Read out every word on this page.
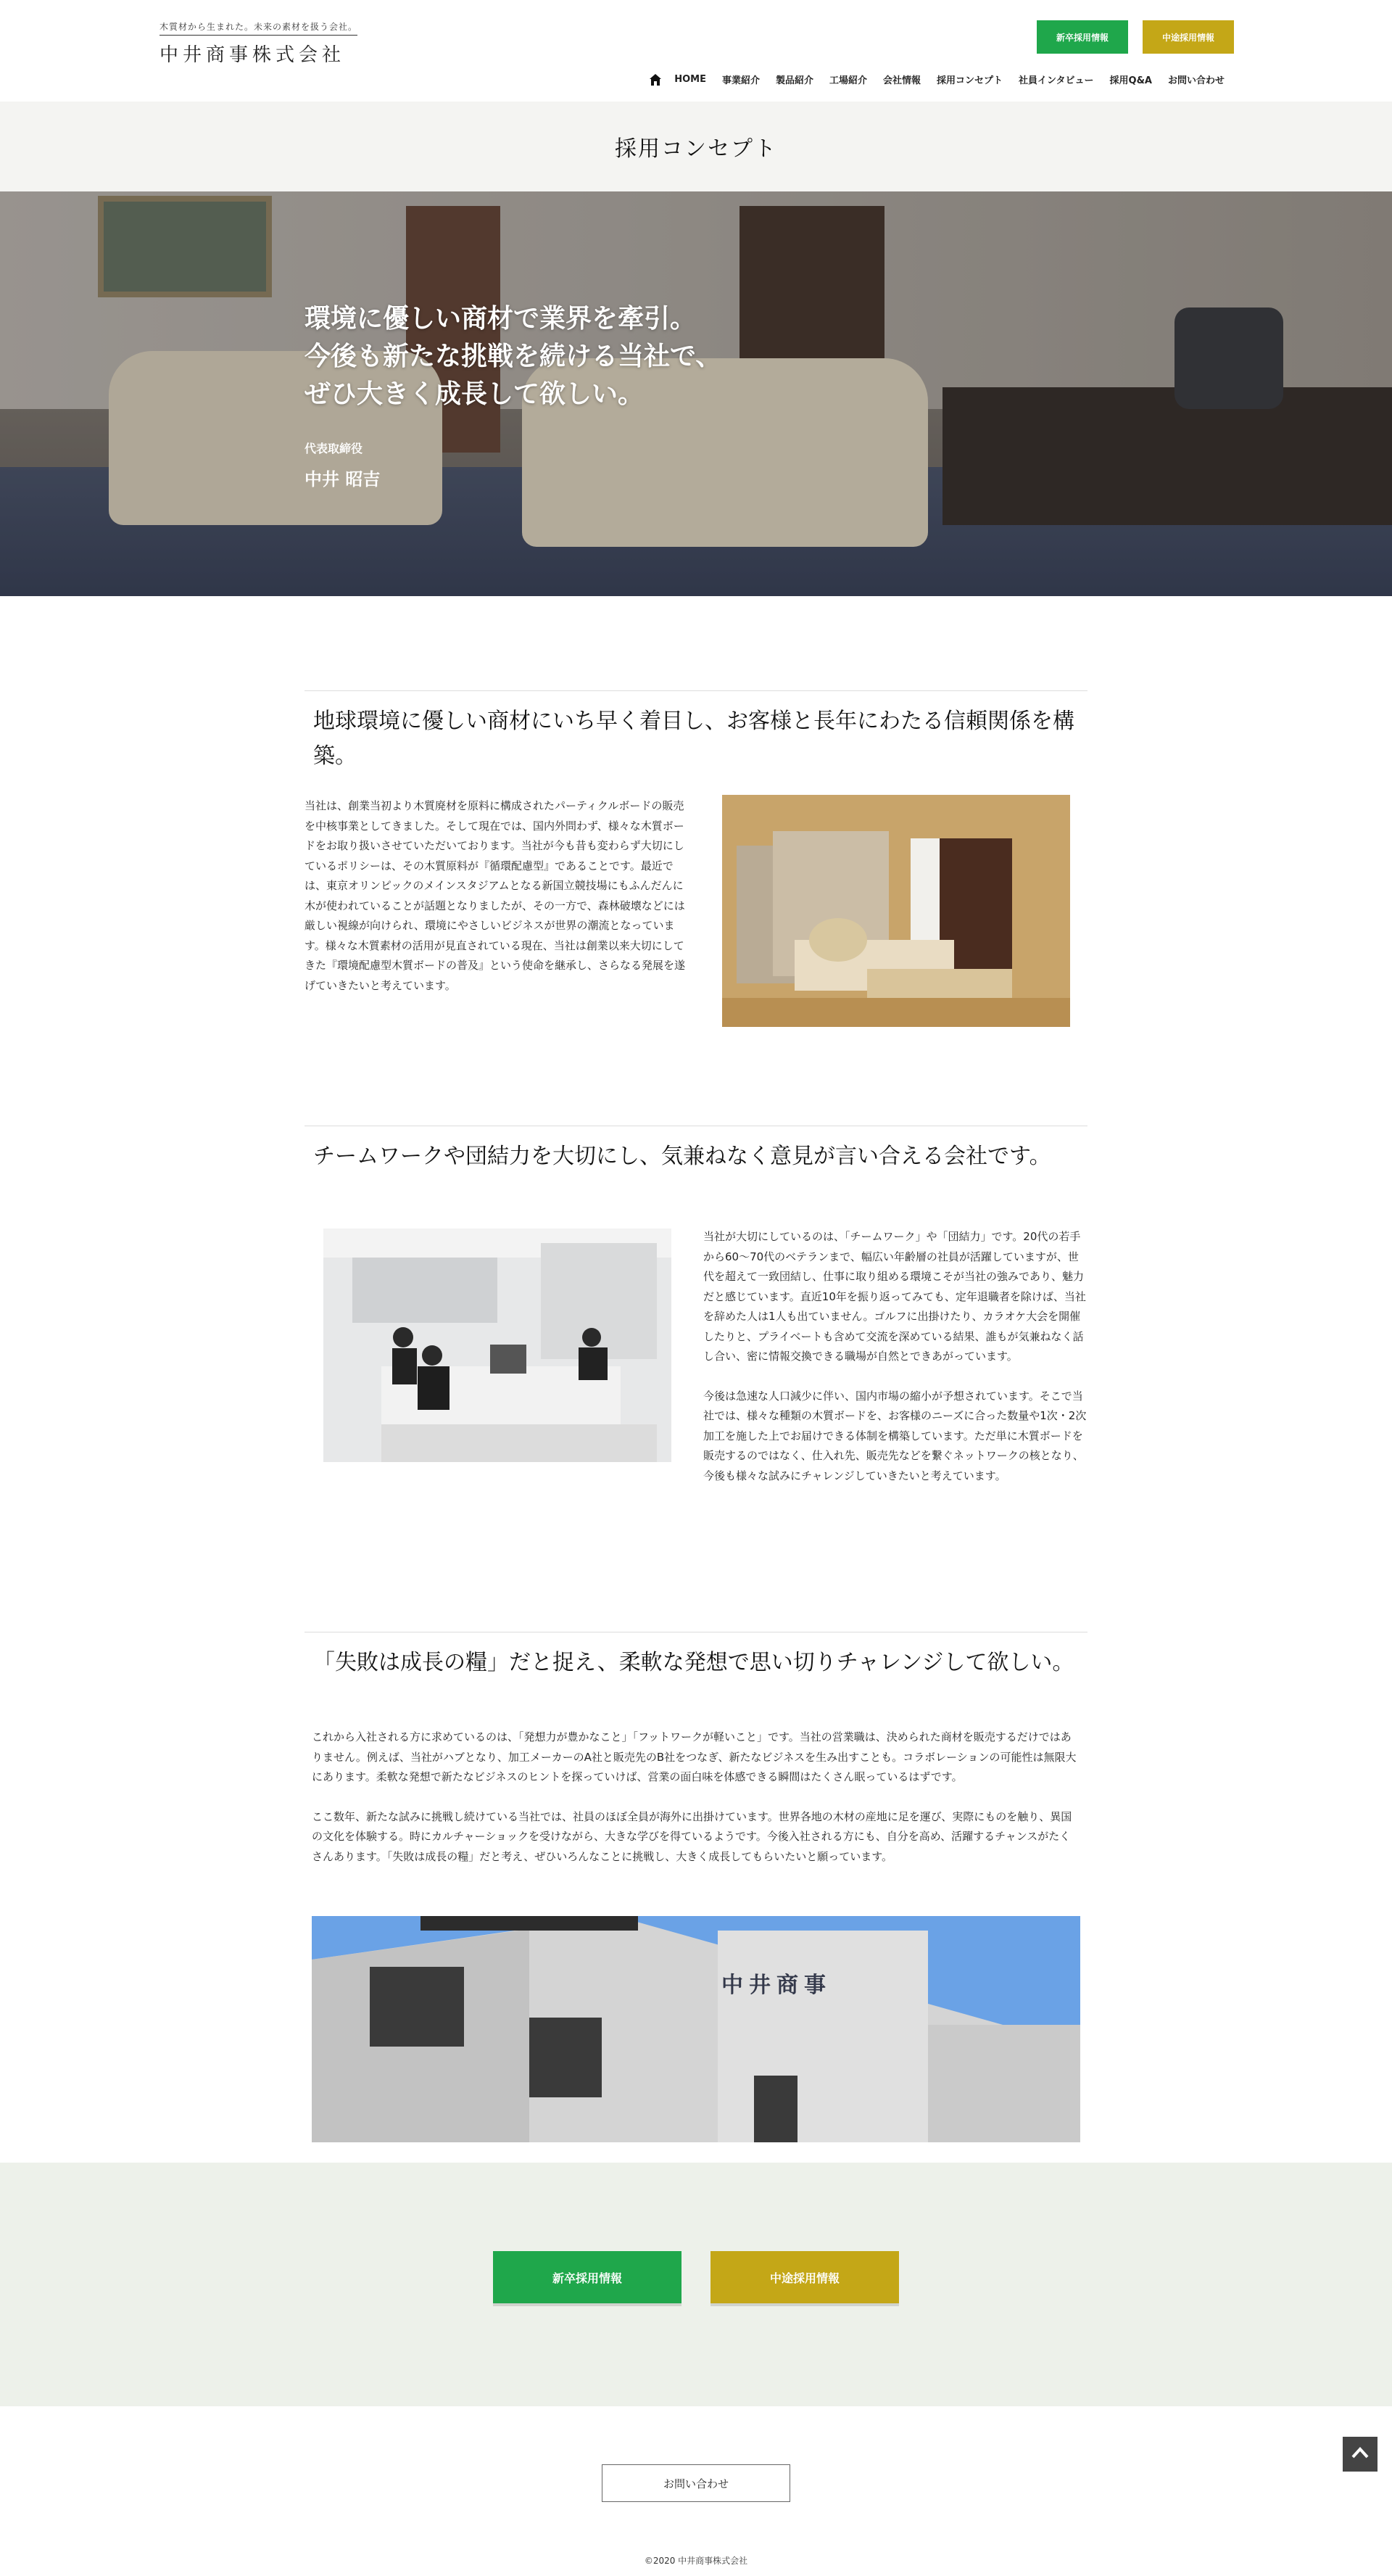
木質材から生まれた。未来の素材を扱う会社。
中井商事株式会社
新卒採用情報	中途採用情報
HOME	事業紹介	製品紹介	工場紹介	会社情報	採用コンセプト	社員インタビュー	採用Q&A	お問い合わせ
採用コンセプト
環境に優しい商材で業界を牽引。
今後も新たな挑戦を続ける当社で、
ぜひ大きく成長して欲しい。
代表取締役
中井 昭吉
地球環境に優しい商材にいち早く着目し、お客様と長年にわたる信頼関係を構築。

当社は、創業当初より木質廃材を原料に構成されたパーティクルボードの販売を中核事業としてきました。そして現在では、国内外問わず、様々な木質ボードをお取り扱いさせていただいております。当社が今も昔も変わらず大切にしているポリシーは、その木質原料が『循環配慮型』であることです。最近では、東京オリンピックのメインスタジアムとなる新国立競技場にもふんだんに木が使われていることが話題となりましたが、その一方で、森林破壊などには厳しい視線が向けられ、環境にやさしいビジネスが世界の潮流となっています。様々な木質素材の活用が見直されている現在、当社は創業以来大切にしてきた『環境配慮型木質ボードの普及』という使命を継承し、さらなる発展を遂げていきたいと考えています。

チームワークや団結力を大切にし、気兼ねなく意見が言い合える会社です。

当社が大切にしているのは、「チームワーク」や「団結力」です。20代の若手から60～70代のベテランまで、幅広い年齢層の社員が活躍していますが、世代を超えて一致団結し、仕事に取り組める環境こそが当社の強みであり、魅力だと感じています。直近10年を振り返ってみても、定年退職者を除けば、当社を辞めた人は1人も出ていません。ゴルフに出掛けたり、カラオケ大会を開催したりと、プライベートも含めて交流を深めている結果、誰もが気兼ねなく話し合い、密に情報交換できる職場が自然とできあがっています。

今後は急速な人口減少に伴い、国内市場の縮小が予想されています。そこで当社では、様々な種類の木質ボードを、お客様のニーズに合った数量や1次・2次加工を施した上でお届けできる体制を構築しています。ただ単に木質ボードを販売するのではなく、仕入れ先、販売先などを繋ぐネットワークの核となり、今後も様々な試みにチャレンジしていきたいと考えています。

「失敗は成長の糧」だと捉え、柔軟な発想で思い切りチャレンジして欲しい。

これから入社される方に求めているのは、「発想力が豊かなこと」「フットワークが軽いこと」です。当社の営業職は、決められた商材を販売するだけではありません。例えば、当社がハブとなり、加工メーカーのA社と販売先のB社をつなぎ、新たなビジネスを生み出すことも。コラボレーションの可能性は無限大にあります。柔軟な発想で新たなビジネスのヒントを探っていけば、営業の面白味を体感できる瞬間はたくさん眠っているはずです。

ここ数年、新たな試みに挑戦し続けている当社では、社員のほぼ全員が海外に出掛けています。世界各地の木材の産地に足を運び、実際にものを触り、異国の文化を体験する。時にカルチャーショックを受けながら、大きな学びを得ているようです。今後入社される方にも、自分を高め、活躍するチャンスがたくさんあります。「失敗は成長の糧」だと考え、ぜひいろんなことに挑戦し、大きく成長してもらいたいと願っています。

中井商事
新卒採用情報	中途採用情報
お問い合わせ
©2020 中井商事株式会社
